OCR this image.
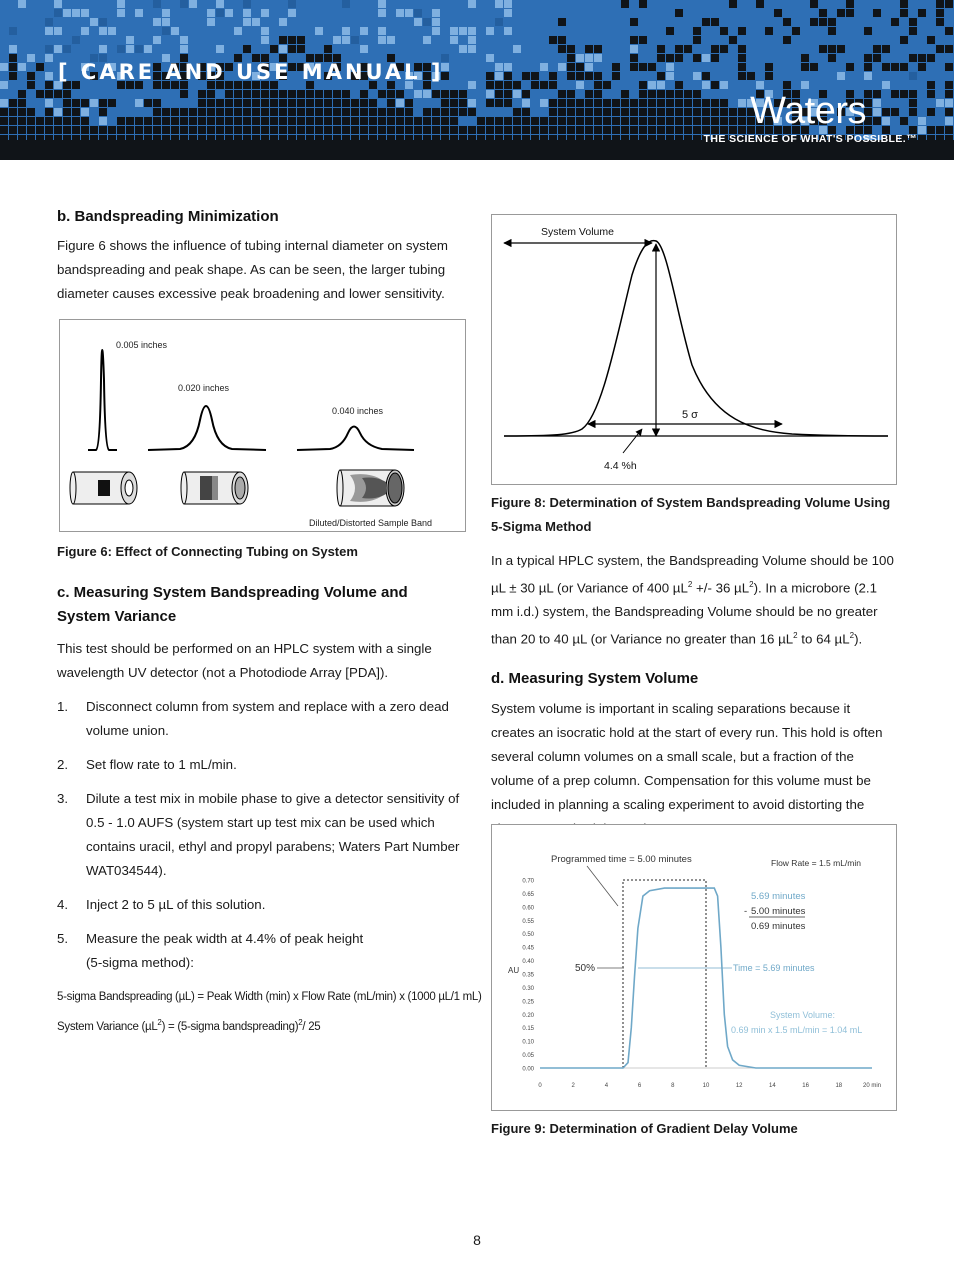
[ CARE AND USE MANUAL ]
Waters
THE SCIENCE OF WHAT'S POSSIBLE.™
b. Bandspreading Minimization

Figure 6 shows the influence of tubing internal diameter on system bandspreading and peak shape. As can be seen, the larger tubing diameter causes excessive peak broadening and lower sensitivity.

0.005 inches
0.020 inches
0.040 inches
Diluted/Distorted Sample Band
Figure 6: Effect of Connecting Tubing on System
c. Measuring System Bandspreading Volume and System Variance

This test should be performed on an HPLC system with a single wavelength UV detector (not a Photodiode Array [PDA]).

1. Disconnect column from system and replace with a zero dead volume union.
2. Set flow rate to 1 mL/min.
3. Dilute a test mix in mobile phase to give a detector sensitivity of 0.5 - 1.0 AUFS (system start up test mix can be used which contains uracil, ethyl and propyl parabens; Waters Part Number WAT034544).
4. Inject 2 to 5 µL of this solution.
5. Measure the peak width at 4.4% of peak height (5-sigma method):
5-sigma Bandspreading (µL) = Peak Width (min) x Flow Rate (mL/min) x (1000 µL/1 mL)
System Variance (µL$^2$) = (5-sigma bandspreading)$^2$/ 25
System Volume
5 σ
4.4 %h
Figure 8: Determination of System Bandspreading Volume Using 5-Sigma Method

In a typical HPLC system, the Bandspreading Volume should be 100 µL ± 30 µL (or Variance of 400 µL$^2$ +/- 36 µL$^2$). In a microbore (2.1 mm i.d.) system, the Bandspreading Volume should be no greater than 20 to 40 µL (or Variance no greater than 16 µL$^2$ to 64 µL$^2$).

d. Measuring System Volume

System volume is important in scaling separations because it creates an isocratic hold at the start of every run. This hold is often several column volumes on a small scale, but a fraction of the volume of a prep column. Compensation for this volume must be included in planning a scaling experiment to avoid distorting the

0.00
0.05
0.10
0.15
0.20
0.25
0.30
0.35
0.40
0.45
0.50
0.55
0.60
0.65
0.70
0	2	4	6	8	10	12	14	16	18	20 min
Programmed time = 5.00 minutes	Flow Rate = 1.5 mL/min
5.69 minutes
- 5.00 minutes
0.69 minutes
50%	Time = 5.69 minutes
System Volume:
0.69 min x 1.5 mL/min = 1.04 mL
AU
Figure 9: Determination of Gradient Delay Volume
8
